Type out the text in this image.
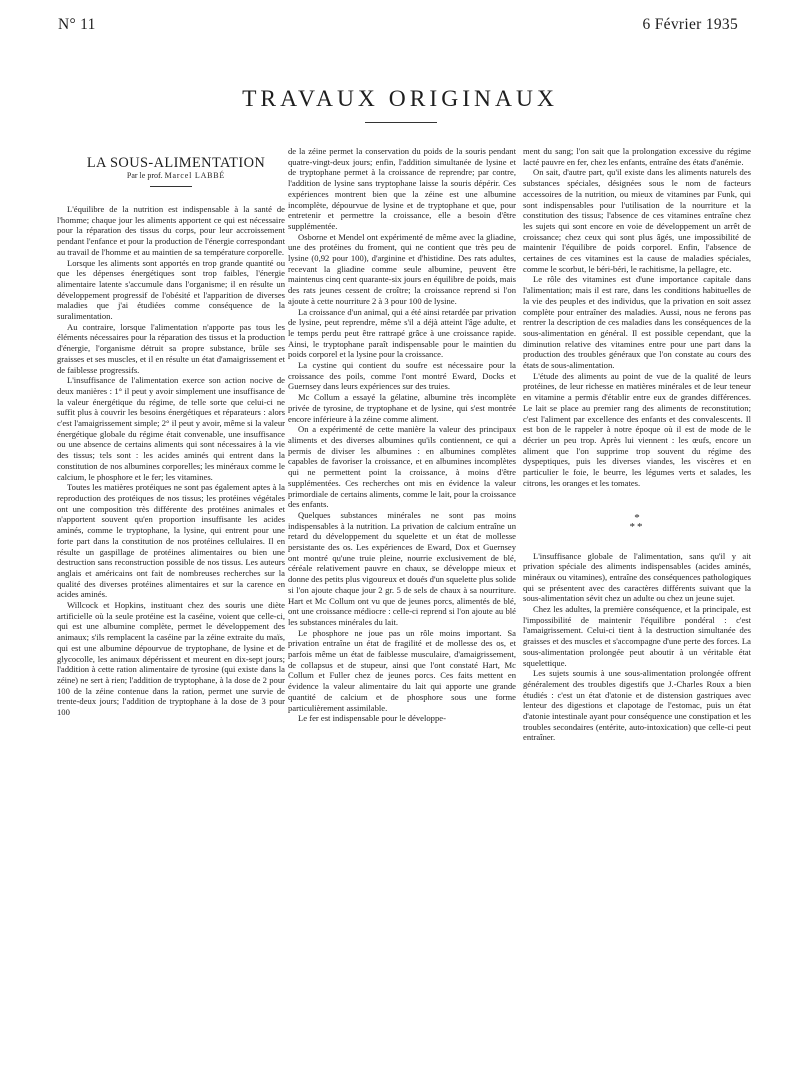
N° 11	6 Février 1935
TRAVAUX ORIGINAUX

LA SOUS-ALIMENTATION

Par le prof. Marcel LABBÉ

L'équilibre de la nutrition est indispensable à la santé de l'homme; chaque jour les aliments apportent ce qui est nécessaire pour la réparation des tissus du corps, pour leur accroissement pendant l'enfance et pour la production de l'énergie correspondant au travail de l'homme et au maintien de sa température corporelle.

Lorsque les aliments sont apportés en trop grande quantité ou que les dépenses énergétiques sont trop faibles, l'énergie alimentaire latente s'accumule dans l'organisme; il en résulte un développement progressif de l'obésité et l'apparition de diverses maladies que j'ai étudiées comme conséquence de la suralimentation.

Au contraire, lorsque l'alimentation n'apporte pas tous les éléments nécessaires pour la réparation des tissus et la production d'énergie, l'organisme détruit sa propre substance, brûle ses graisses et ses muscles, et il en résulte un état d'amaigrissement et de faiblesse progressifs.

L'insuffisance de l'alimentation exerce son action nocive de deux manières : 1° il peut y avoir simplement une insuffisance de la valeur énergétique du régime, de telle sorte que celui-ci ne suffit plus à couvrir les besoins énergétiques et réparateurs : alors c'est l'amaigrissement simple; 2° il peut y avoir, même si la valeur énergétique globale du régime était convenable, une insuffisance ou une absence de certains aliments qui sont nécessaires à la vie des tissus; tels sont : les acides aminés qui entrent dans la constitution de nos albumines corporelles; les minéraux comme le calcium, le phosphore et le fer; les vitamines.

Toutes les matières protéiques ne sont pas également aptes à la reproduction des protéiques de nos tissus; les protéines végétales ont une composition très différente des protéines animales et n'apportent souvent qu'en proportion insuffisante les acides aminés, comme le tryptophane, la lysine, qui entrent pour une forte part dans la constitution de nos protéines cellulaires. Il en résulte un gaspillage de protéines alimentaires ou bien une destruction sans reconstruction possible de nos tissus. Les auteurs anglais et américains ont fait de nombreuses recherches sur la qualité des diverses protéines alimentaires et sur la carence en acides aminés.

Willcock et Hopkins, instituant chez des souris une diète artificielle où la seule protéine est la caséine, voient que celle-ci, qui est une albumine complète, permet le développement des animaux; s'ils remplacent la caséine par la zéine extraite du maïs, qui est une albumine dépourvue de tryptophane, de lysine et de glycocolle, les animaux dépérissent et meurent en dix-sept jours; l'addition à cette ration alimentaire de tyrosine (qui existe dans la zéine) ne sert à rien; l'addition de tryptophane, à la dose de 2 pour 100 de la zéine contenue dans la ration, permet une survie de trente-deux jours; l'addition de tryptophane à la dose de 3 pour 100

de la zéine permet la conservation du poids de la souris pendant quatre-vingt-deux jours; enfin, l'addition simultanée de lysine et de tryptophane permet à la croissance de reprendre; par contre, l'addition de lysine sans tryptophane laisse la souris dépérir. Ces expériences montrent bien que la zéine est une albumine incomplète, dépourvue de lysine et de tryptophane et que, pour entretenir et permettre la croissance, elle a besoin d'être supplémentée.

Osborne et Mendel ont expérimenté de même avec la gliadine, une des protéines du froment, qui ne contient que très peu de lysine (0,92 pour 100), d'arginine et d'histidine. Des rats adultes, recevant la gliadine comme seule albumine, peuvent être maintenus cinq cent quarante-six jours en équilibre de poids, mais des rats jeunes cessent de croître; la croissance reprend si l'on ajoute à cette nourriture 2 à 3 pour 100 de lysine.

La croissance d'un animal, qui a été ainsi retardée par privation de lysine, peut reprendre, même s'il a déjà atteint l'âge adulte, et le temps perdu peut être rattrapé grâce à une croissance rapide. Ainsi, le tryptophane paraît indispensable pour le maintien du poids corporel et la lysine pour la croissance.

La cystine qui contient du soufre est nécessaire pour la croissance des poils, comme l'ont montré Eward, Docks et Guernsey dans leurs expériences sur des truies.

Mc Collum a essayé la gélatine, albumine très incomplète privée de tyrosine, de tryptophane et de lysine, qui s'est montrée encore inférieure à la zéine comme aliment.

On a expérimenté de cette manière la valeur des principaux aliments et des diverses albumines qu'ils contiennent, ce qui a permis de diviser les albumines : en albumines complètes capables de favoriser la croissance, et en albumines incomplètes qui ne permettent point la croissance, à moins d'être supplémentées. Ces recherches ont mis en évidence la valeur primordiale de certains aliments, comme le lait, pour la croissance des enfants.

Quelques substances minérales ne sont pas moins indispensables à la nutrition. La privation de calcium entraîne un retard du développement du squelette et un état de mollesse persistante des os. Les expériences de Eward, Dox et Guernsey ont montré qu'une truie pleine, nourrie exclusivement de blé, céréale relativement pauvre en chaux, se développe mieux et donne des petits plus vigoureux et doués d'un squelette plus solide si l'on ajoute chaque jour 2 gr. 5 de sels de chaux à sa nourriture. Hart et Mc Collum ont vu que de jeunes porcs, alimentés de blé, ont une croissance médiocre : celle-ci reprend si l'on ajoute au blé les substances minérales du lait.

Le phosphore ne joue pas un rôle moins important. Sa privation entraîne un état de fragilité et de mollesse des os, et parfois même un état de faiblesse musculaire, d'amaigrissement, de collapsus et de stupeur, ainsi que l'ont constaté Hart, Mc Collum et Fuller chez de jeunes porcs. Ces faits mettent en évidence la valeur alimentaire du lait qui apporte une grande quantité de calcium et de phosphore sous une forme particulièrement assimilable.

Le fer est indispensable pour le développe-

ment du sang; l'on sait que la prolongation excessive du régime lacté pauvre en fer, chez les enfants, entraîne des états d'anémie.

On sait, d'autre part, qu'il existe dans les aliments naturels des substances spéciales, désignées sous le nom de facteurs accessoires de la nutrition, ou mieux de vitamines par Funk, qui sont indispensables pour l'utilisation de la nourriture et la constitution des tissus; l'absence de ces vitamines entraîne chez les sujets qui sont encore en voie de développement un arrêt de croissance; chez ceux qui sont plus âgés, une impossibilité de maintenir l'équilibre de poids corporel. Enfin, l'absence de certaines de ces vitamines est la cause de maladies spéciales, comme le scorbut, le béri-béri, le rachitisme, la pellagre, etc.

Le rôle des vitamines est d'une importance capitale dans l'alimentation; mais il est rare, dans les conditions habituelles de la vie des peuples et des individus, que la privation en soit assez complète pour entraîner des maladies. Aussi, nous ne ferons pas rentrer la description de ces maladies dans les conséquences de la sous-alimentation en général. Il est possible cependant, que la diminution relative des vitamines entre pour une part dans la production des troubles généraux que l'on constate au cours des états de sous-alimentation.

L'étude des aliments au point de vue de la qualité de leurs protéines, de leur richesse en matières minérales et de leur teneur en vitamine a permis d'établir entre eux de grandes différences. Le lait se place au premier rang des aliments de reconstitution; c'est l'aliment par excellence des enfants et des convalescents. Il est bon de le rappeler à notre époque où il est de mode de le décrier un peu trop. Après lui viennent : les œufs, encore un aliment que l'on supprime trop souvent du régime des dyspeptiques, puis les diverses viandes, les viscères et en particulier le foie, le beurre, les légumes verts et salades, les citrons, les oranges et les tomates.

*
**

L'insuffisance globale de l'alimentation, sans qu'il y ait privation spéciale des aliments indispensables (acides aminés, minéraux ou vitamines), entraîne des conséquences pathologiques qui se présentent avec des caractères différents suivant que la sous-alimentation sévit chez un adulte ou chez un jeune sujet.

Chez les adultes, la première conséquence, et la principale, est l'impossibilité de maintenir l'équilibre pondéral : c'est l'amaigrissement. Celui-ci tient à la destruction simultanée des graisses et des muscles et s'accompagne d'une perte des forces. La sous-alimentation prolongée peut aboutir à un véritable état squelettique.

Les sujets soumis à une sous-alimentation prolongée offrent généralement des troubles digestifs que J.-Charles Roux a bien étudiés : c'est un état d'atonie et de distension gastriques avec lenteur des digestions et clapotage de l'estomac, puis un état d'atonie intestinale ayant pour conséquence une constipation et les troubles secondaires (entérite, auto-intoxication) que celle-ci peut entraîner.
